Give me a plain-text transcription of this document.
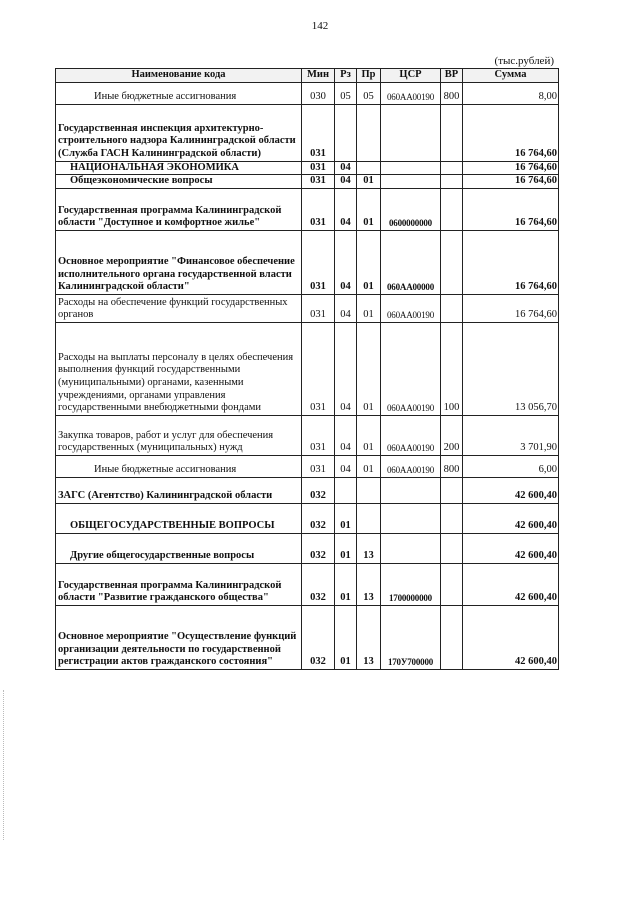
142
(тыс.рублей)
Наименование кода	Мин	Рз	Пр	ЦСР	ВР	Сумма
Иные бюджетные ассигнования	030	05	05	060АА00190	800	8,00
Государственная инспекция архитектурно-строительного надзора Калининградской области (Служба ГАСН Калининградской области)	031					16 764,60
НАЦИОНАЛЬНАЯ ЭКОНОМИКА	031	04				16 764,60
Общеэкономические вопросы	031	04	01			16 764,60
Государственная программа Калининградской области "Доступное и комфортное жилье"	031	04	01	0600000000		16 764,60
Основное мероприятие "Финансовое обеспечение исполнительного органа государственной власти Калининградской области"	031	04	01	060АА00000		16 764,60
Расходы на обеспечение функций государственных органов	031	04	01	060АА00190		16 764,60
Расходы на выплаты персоналу в целях обеспечения выполнения функций государственными (муниципальными) органами, казенными учреждениями, органами управления государственными внебюджетными фондами	031	04	01	060АА00190	100	13 056,70
Закупка товаров, работ и услуг для обеспечения государственных (муниципальных) нужд	031	04	01	060АА00190	200	3 701,90
Иные бюджетные ассигнования	031	04	01	060АА00190	800	6,00
ЗАГС (Агентство) Калининградской области	032					42 600,40
ОБЩЕГОСУДАРСТВЕННЫЕ ВОПРОСЫ	032	01				42 600,40
Другие общегосударственные вопросы	032	01	13			42 600,40
Государственная программа Калининградской области "Развитие гражданского общества"	032	01	13	1700000000		42 600,40
Основное мероприятие "Осуществление функций организации деятельности по государственной регистрации актов гражданского состояния"	032	01	13	170У700000		42 600,40
